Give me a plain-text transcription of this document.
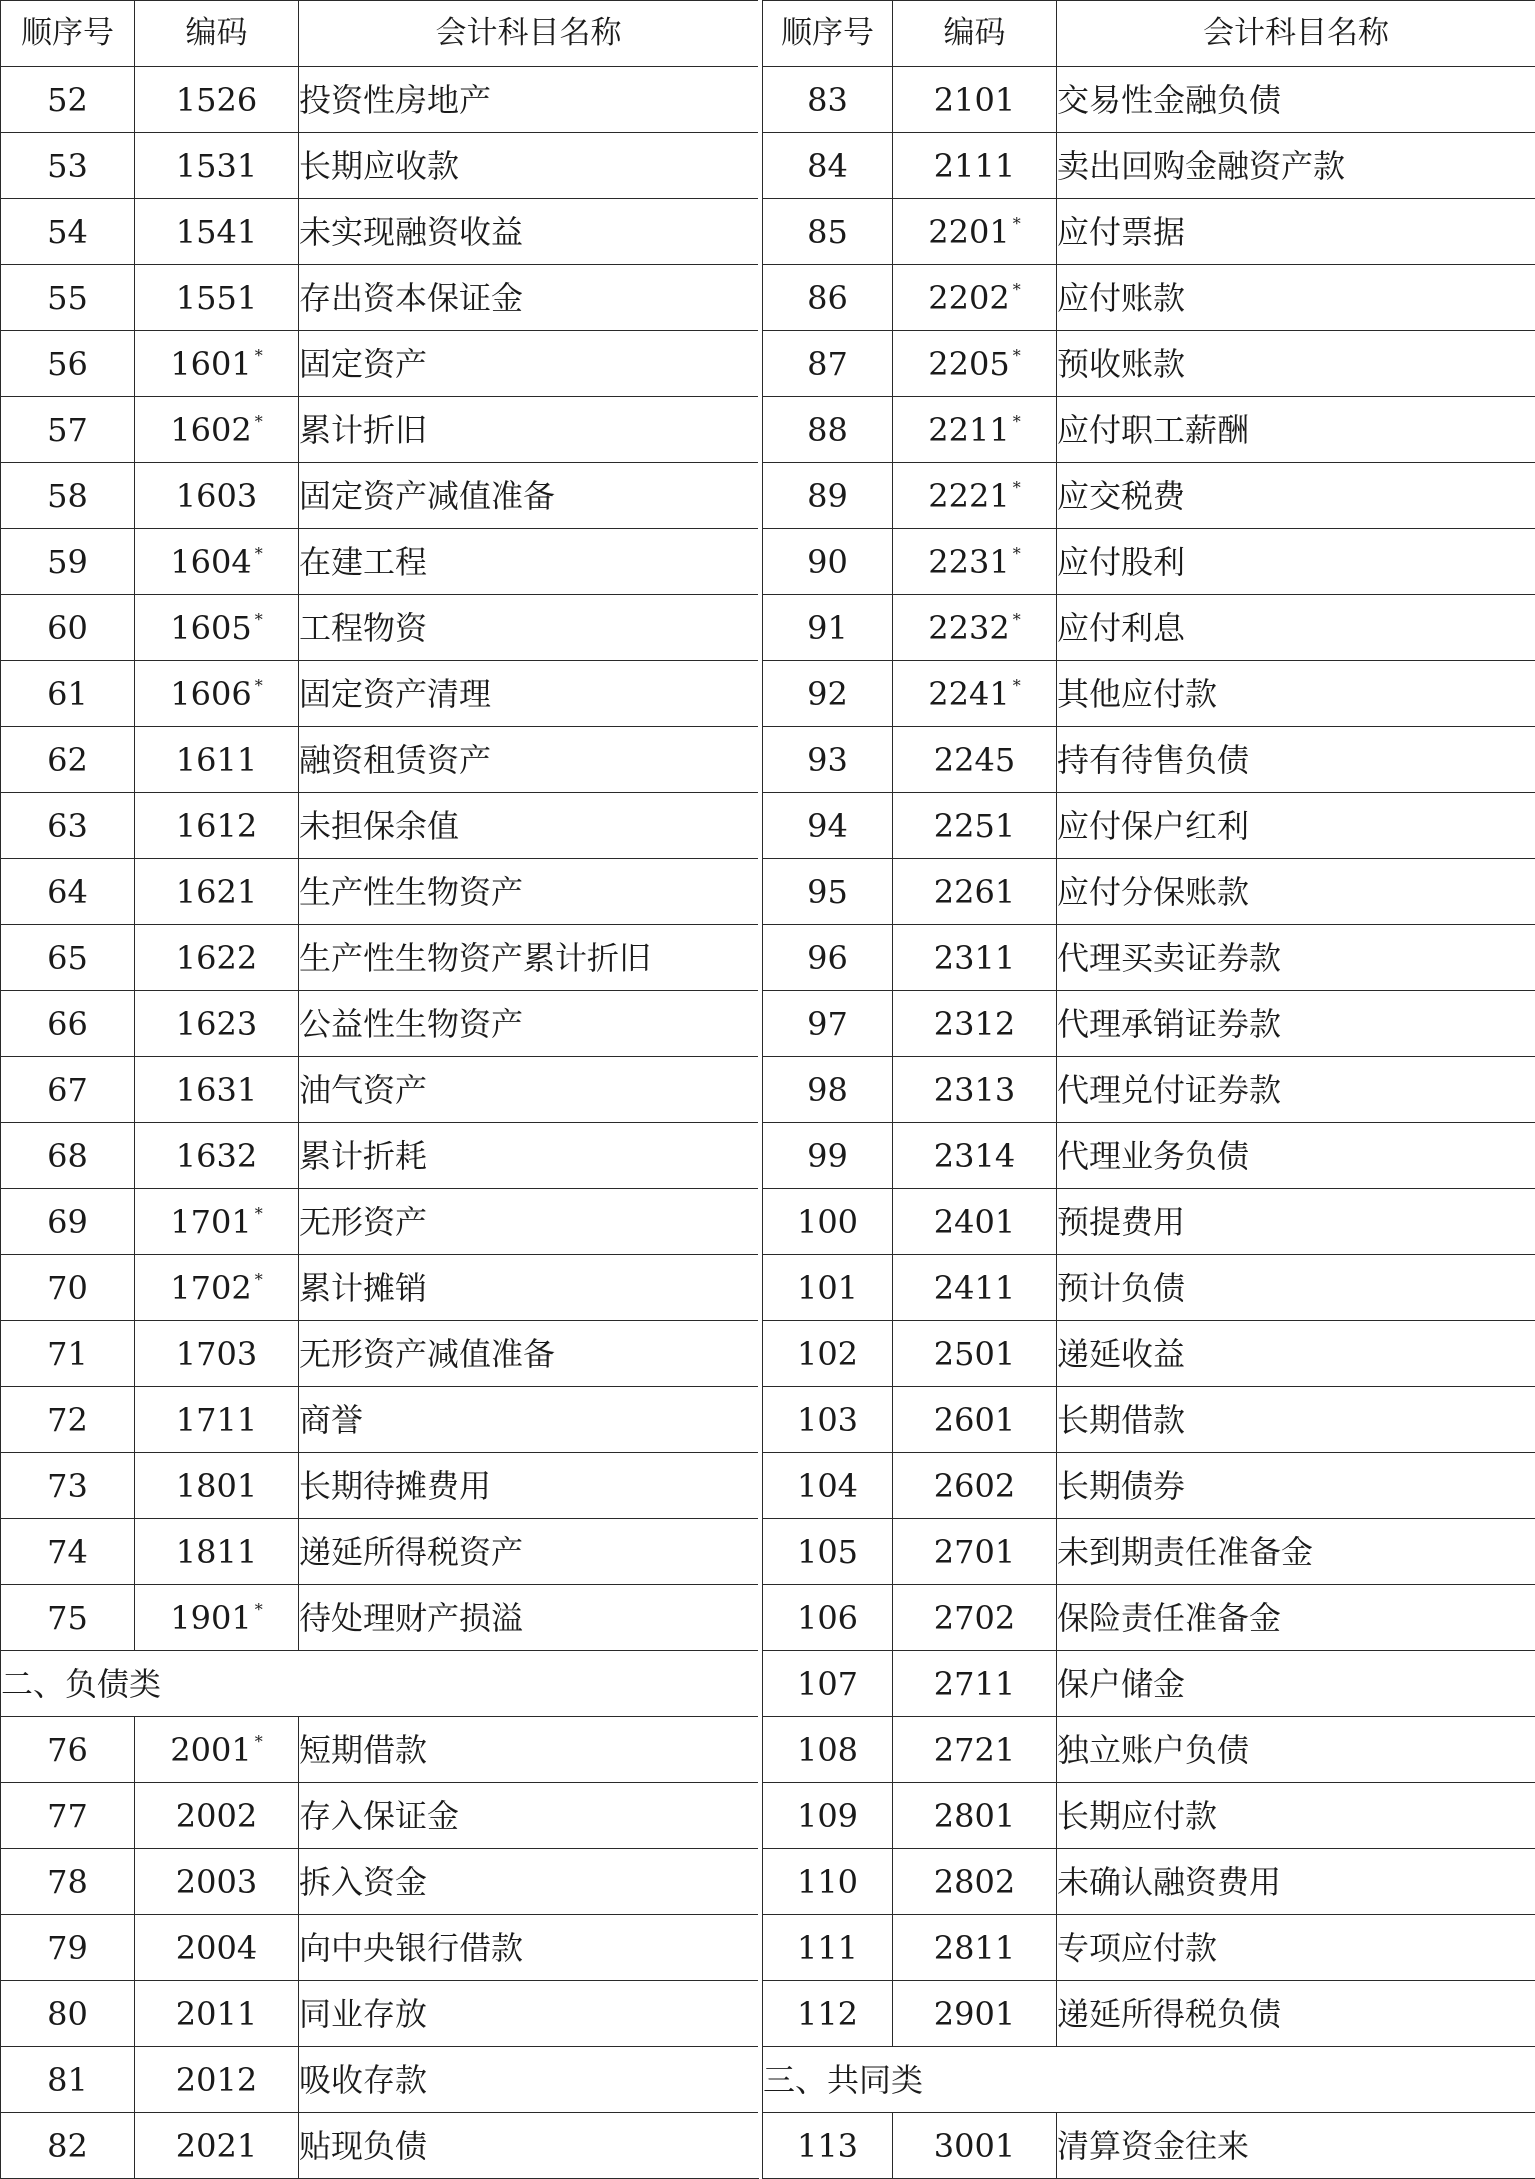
顺序号	编码	会计科目名称
52	1526	投资性房地产
53	1531	长期应收款
54	1541	未实现融资收益
55	1551	存出资本保证金
56	1601 *	固定资产
57	1602 *	累计折旧
58	1603	固定资产减值准备
59	1604 *	在建工程
60	1605 *	工程物资
61	1606 *	固定资产清理
62	1611	融资租赁资产
63	1612	未担保余值
64	1621	生产性生物资产
65	1622	生产性生物资产累计折旧
66	1623	公益性生物资产
67	1631	油气资产
68	1632	累计折耗
69	1701 *	无形资产
70	1702 *	累计摊销
71	1703	无形资产减值准备
72	1711	商誉
73	1801	长期待摊费用
74	1811	递延所得税资产
75	1901 *	待处理财产损溢
二、负债类		
76	2001 *	短期借款
77	2002	存入保证金
78	2003	拆入资金
79	2004	向中央银行借款
80	2011	同业存放
81	2012	吸收存款
82	2021	贴现负债
顺序号	编码	会计科目名称
83	2101	交易性金融负债
84	2111	卖出回购金融资产款
85	2201 *	应付票据
86	2202 *	应付账款
87	2205 *	预收账款
88	2211 *	应付职工薪酬
89	2221 *	应交税费
90	2231 *	应付股利
91	2232 *	应付利息
92	2241 *	其他应付款
93	2245	持有待售负债
94	2251	应付保户红利
95	2261	应付分保账款
96	2311	代理买卖证券款
97	2312	代理承销证券款
98	2313	代理兑付证券款
99	2314	代理业务负债
100	2401	预提费用
101	2411	预计负债
102	2501	递延收益
103	2601	长期借款
104	2602	长期债券
105	2701	未到期责任准备金
106	2702	保险责任准备金
107	2711	保户储金
108	2721	独立账户负债
109	2801	长期应付款
110	2802	未确认融资费用
111	2811	专项应付款
112	2901	递延所得税负债
三、共同类		
113	3001	清算资金往来
